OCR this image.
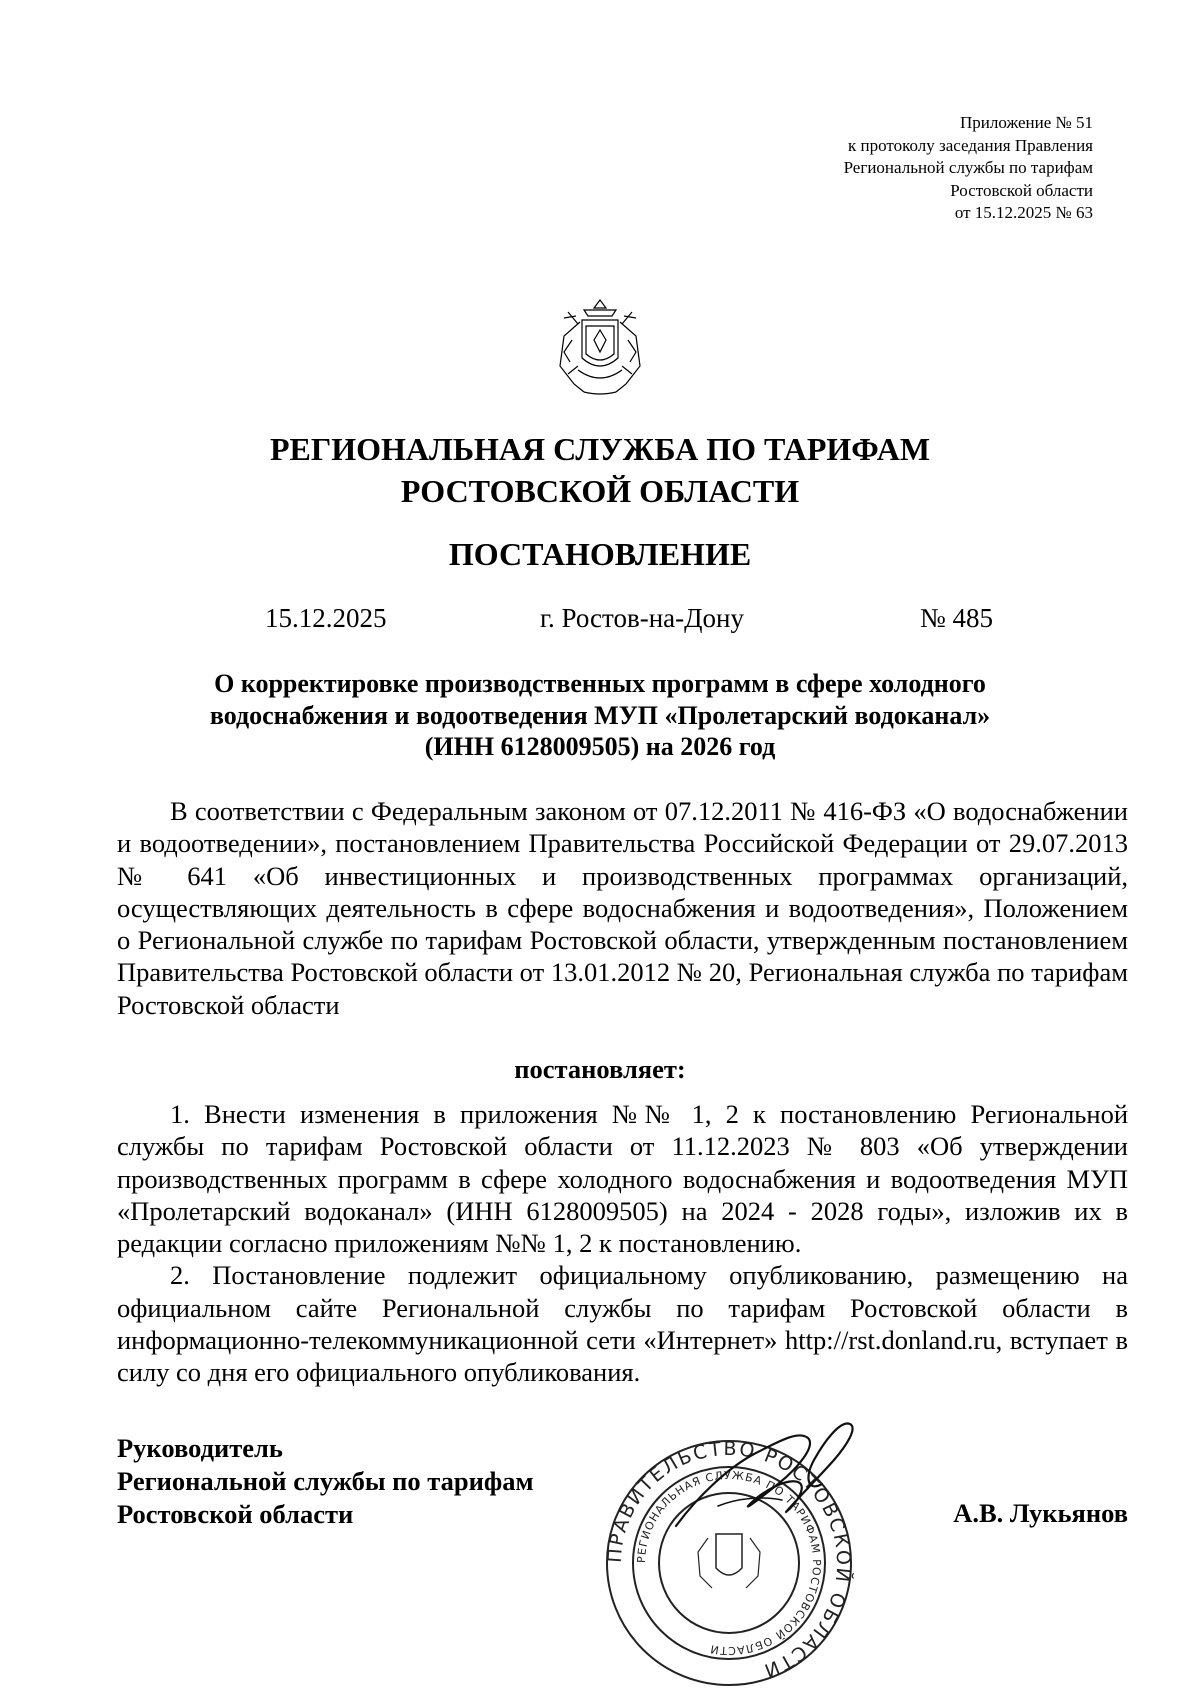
Приложение № 51
к протоколу заседания Правления
Региональной службы по тарифам
Ростовской области
от 15.12.2025 № 63
РЕГИОНАЛЬНАЯ СЛУЖБА ПО ТАРИФАМ
РОСТОВСКОЙ ОБЛАСТИ
ПОСТАНОВЛЕНИЕ
15.12.2025	г. Ростов-на-Дону	№ 485
О корректировке производственных программ в сфере холодного
водоснабжения и водоотведения МУП «Пролетарский водоканал»
(ИНН 6128009505) на 2026 год

В соответствии с Федеральным законом от 07.12.2011 № 416-ФЗ «О водоснабжении и водоотведении», постановлением Правительства Российской Федерации от 29.07.2013 № 641 «Об инвестиционных и производственных программах организаций, осуществляющих деятельность в сфере водоснабжения и водоотведения», Положением о Региональной службе по тарифам Ростовской области, утвержденным постановлением Правительства Ростовской области от 13.01.2012 № 20, Региональная служба по тарифам Ростовской области

постановляет:

1. Внести изменения в приложения №№ 1, 2 к постановлению Региональной службы по тарифам Ростовской области от 11.12.2023 № 803 «Об утверждении производственных программ в сфере холодного водоснабжения и водоотведения МУП «Пролетарский водоканал» (ИНН 6128009505) на 2024 - 2028 годы», изложив их в редакции согласно приложениям №№ 1, 2 к постановлению.

2. Постановление подлежит официальному опубликованию, размещению на официальном сайте Региональной службы по тарифам Ростовской области в информационно-телекоммуникационной сети «Интернет» http://rst.donland.ru, вступает в силу со дня его официального опубликования.

Руководитель
Региональной службы по тарифам
Ростовской области
ПРАВИТЕЛЬСТВО РОСТОВСКОЙ ОБЛАСТИ
РЕГИОНАЛЬНАЯ СЛУЖБА ПО ТАРИФАМ РОСТОВСКОЙ ОБЛАСТИ
А.В. Лукьянов
